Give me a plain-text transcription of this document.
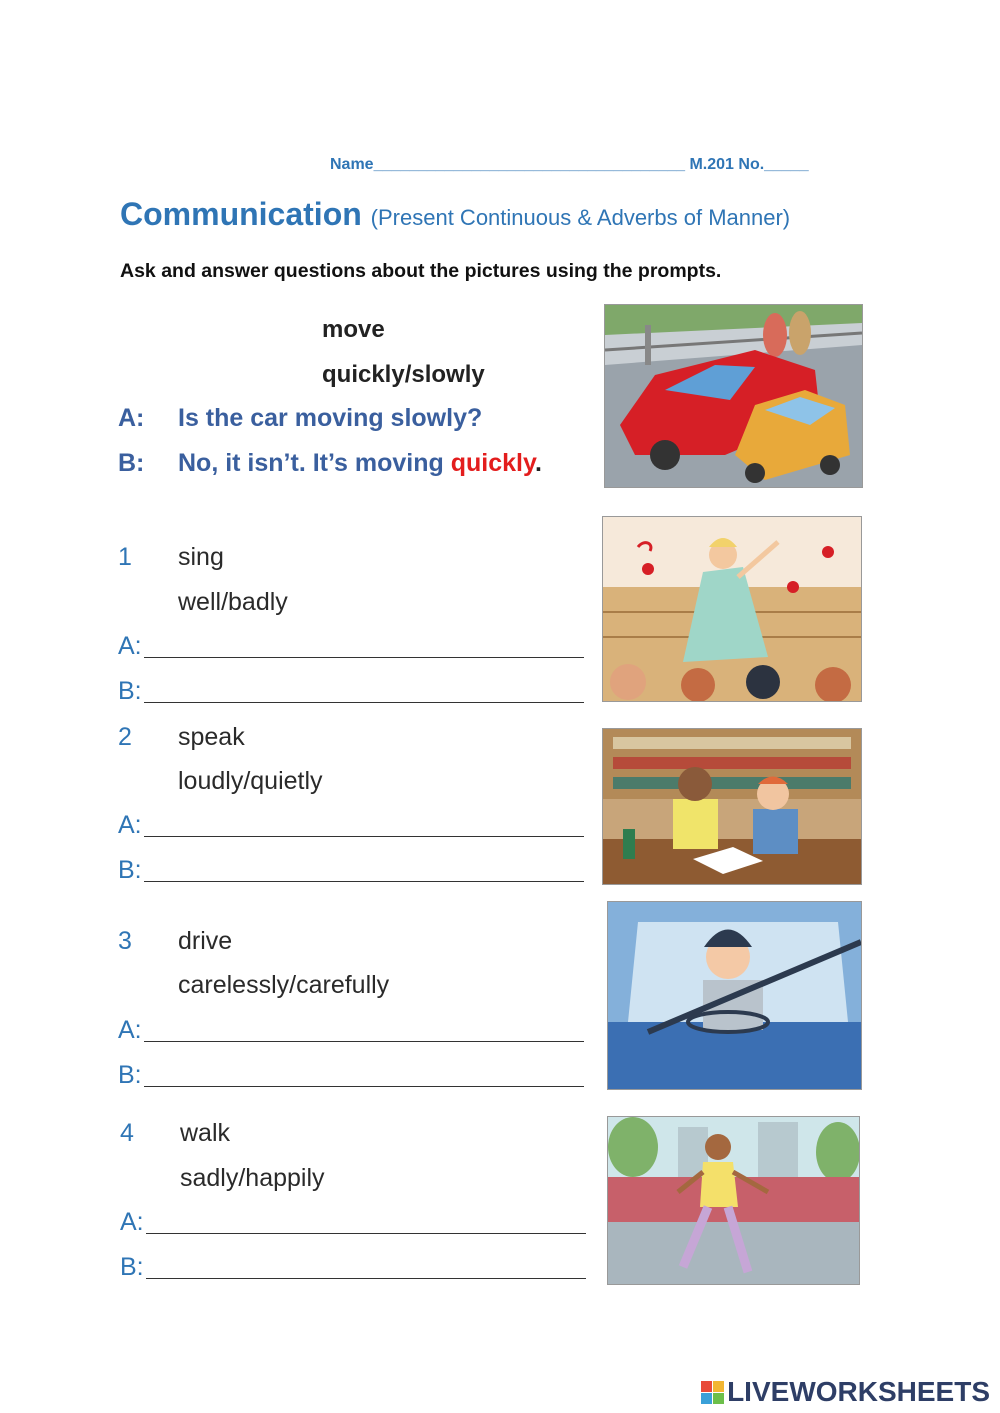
Name___________________________________ M.201 No._____
Communication (Present Continuous & Adverbs of Manner)
Ask and answer questions about the pictures using the prompts.
move
quickly/slowly
A: Is the car moving slowly?
B: No, it isn’t. It’s moving quickly.
1 sing
well/badly
A:
B:
2 speak
loudly/quietly
A:
B:
3 drive
carelessly/carefully
A:
B:
4 walk
sadly/happily
A:
B:
LIVEWORKSHEETS
